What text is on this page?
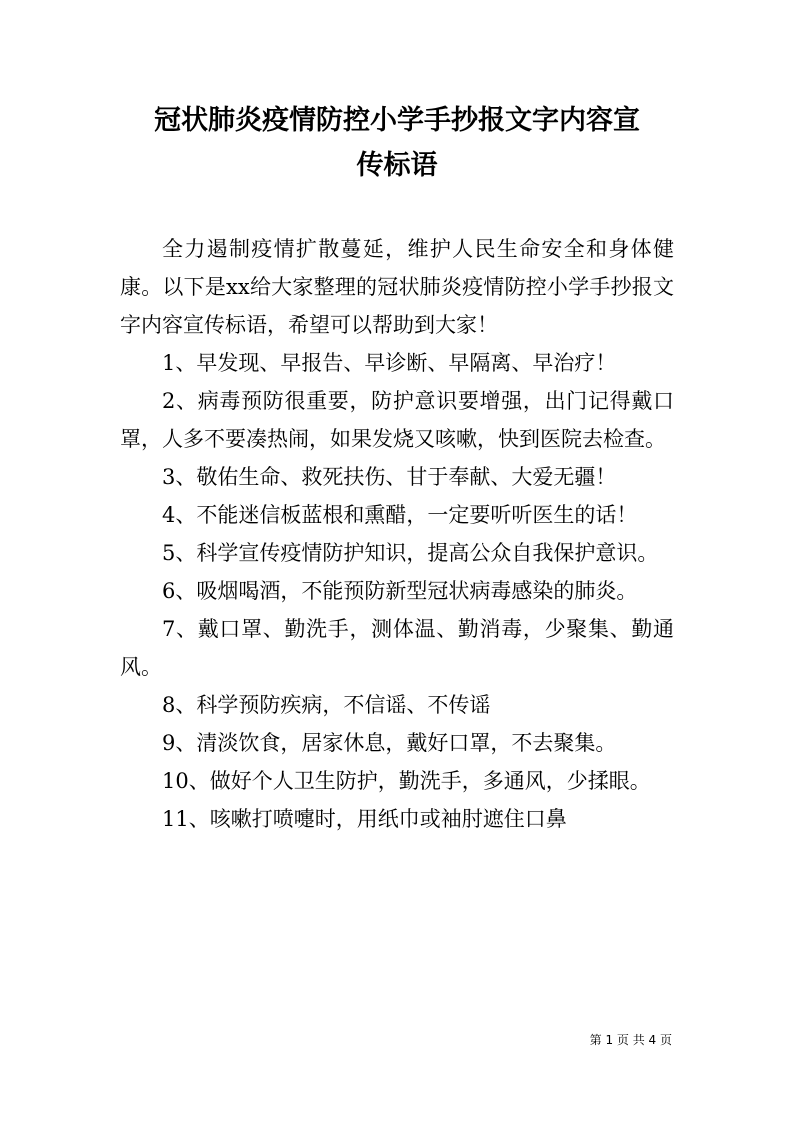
冠状肺炎疫情防控小学手抄报文字内容宣
传标语

全力遏制疫情扩散蔓延，维护人民生命安全和身体健康。以下是xx给大家整理的冠状肺炎疫情防控小学手抄报文字内容宣传标语，希望可以帮助到大家！

1、早发现、早报告、早诊断、早隔离、早治疗！

2、病毒预防很重要，防护意识要增强，出门记得戴口罩，人多不要凑热闹，如果发烧又咳嗽，快到医院去检查。

3、敬佑生命、救死扶伤、甘于奉献、大爱无疆！

4、不能迷信板蓝根和熏醋，一定要听听医生的话！

5、科学宣传疫情防护知识，提高公众自我保护意识。

6、吸烟喝酒，不能预防新型冠状病毒感染的肺炎。

7、戴口罩、勤洗手，测体温、勤消毒，少聚集、勤通风。

8、科学预防疾病，不信谣、不传谣

9、清淡饮食，居家休息，戴好口罩，不去聚集。

10、做好个人卫生防护，勤洗手，多通风，少揉眼。

11、咳嗽打喷嚏时，用纸巾或袖肘遮住口鼻

第 1 页 共 4 页
